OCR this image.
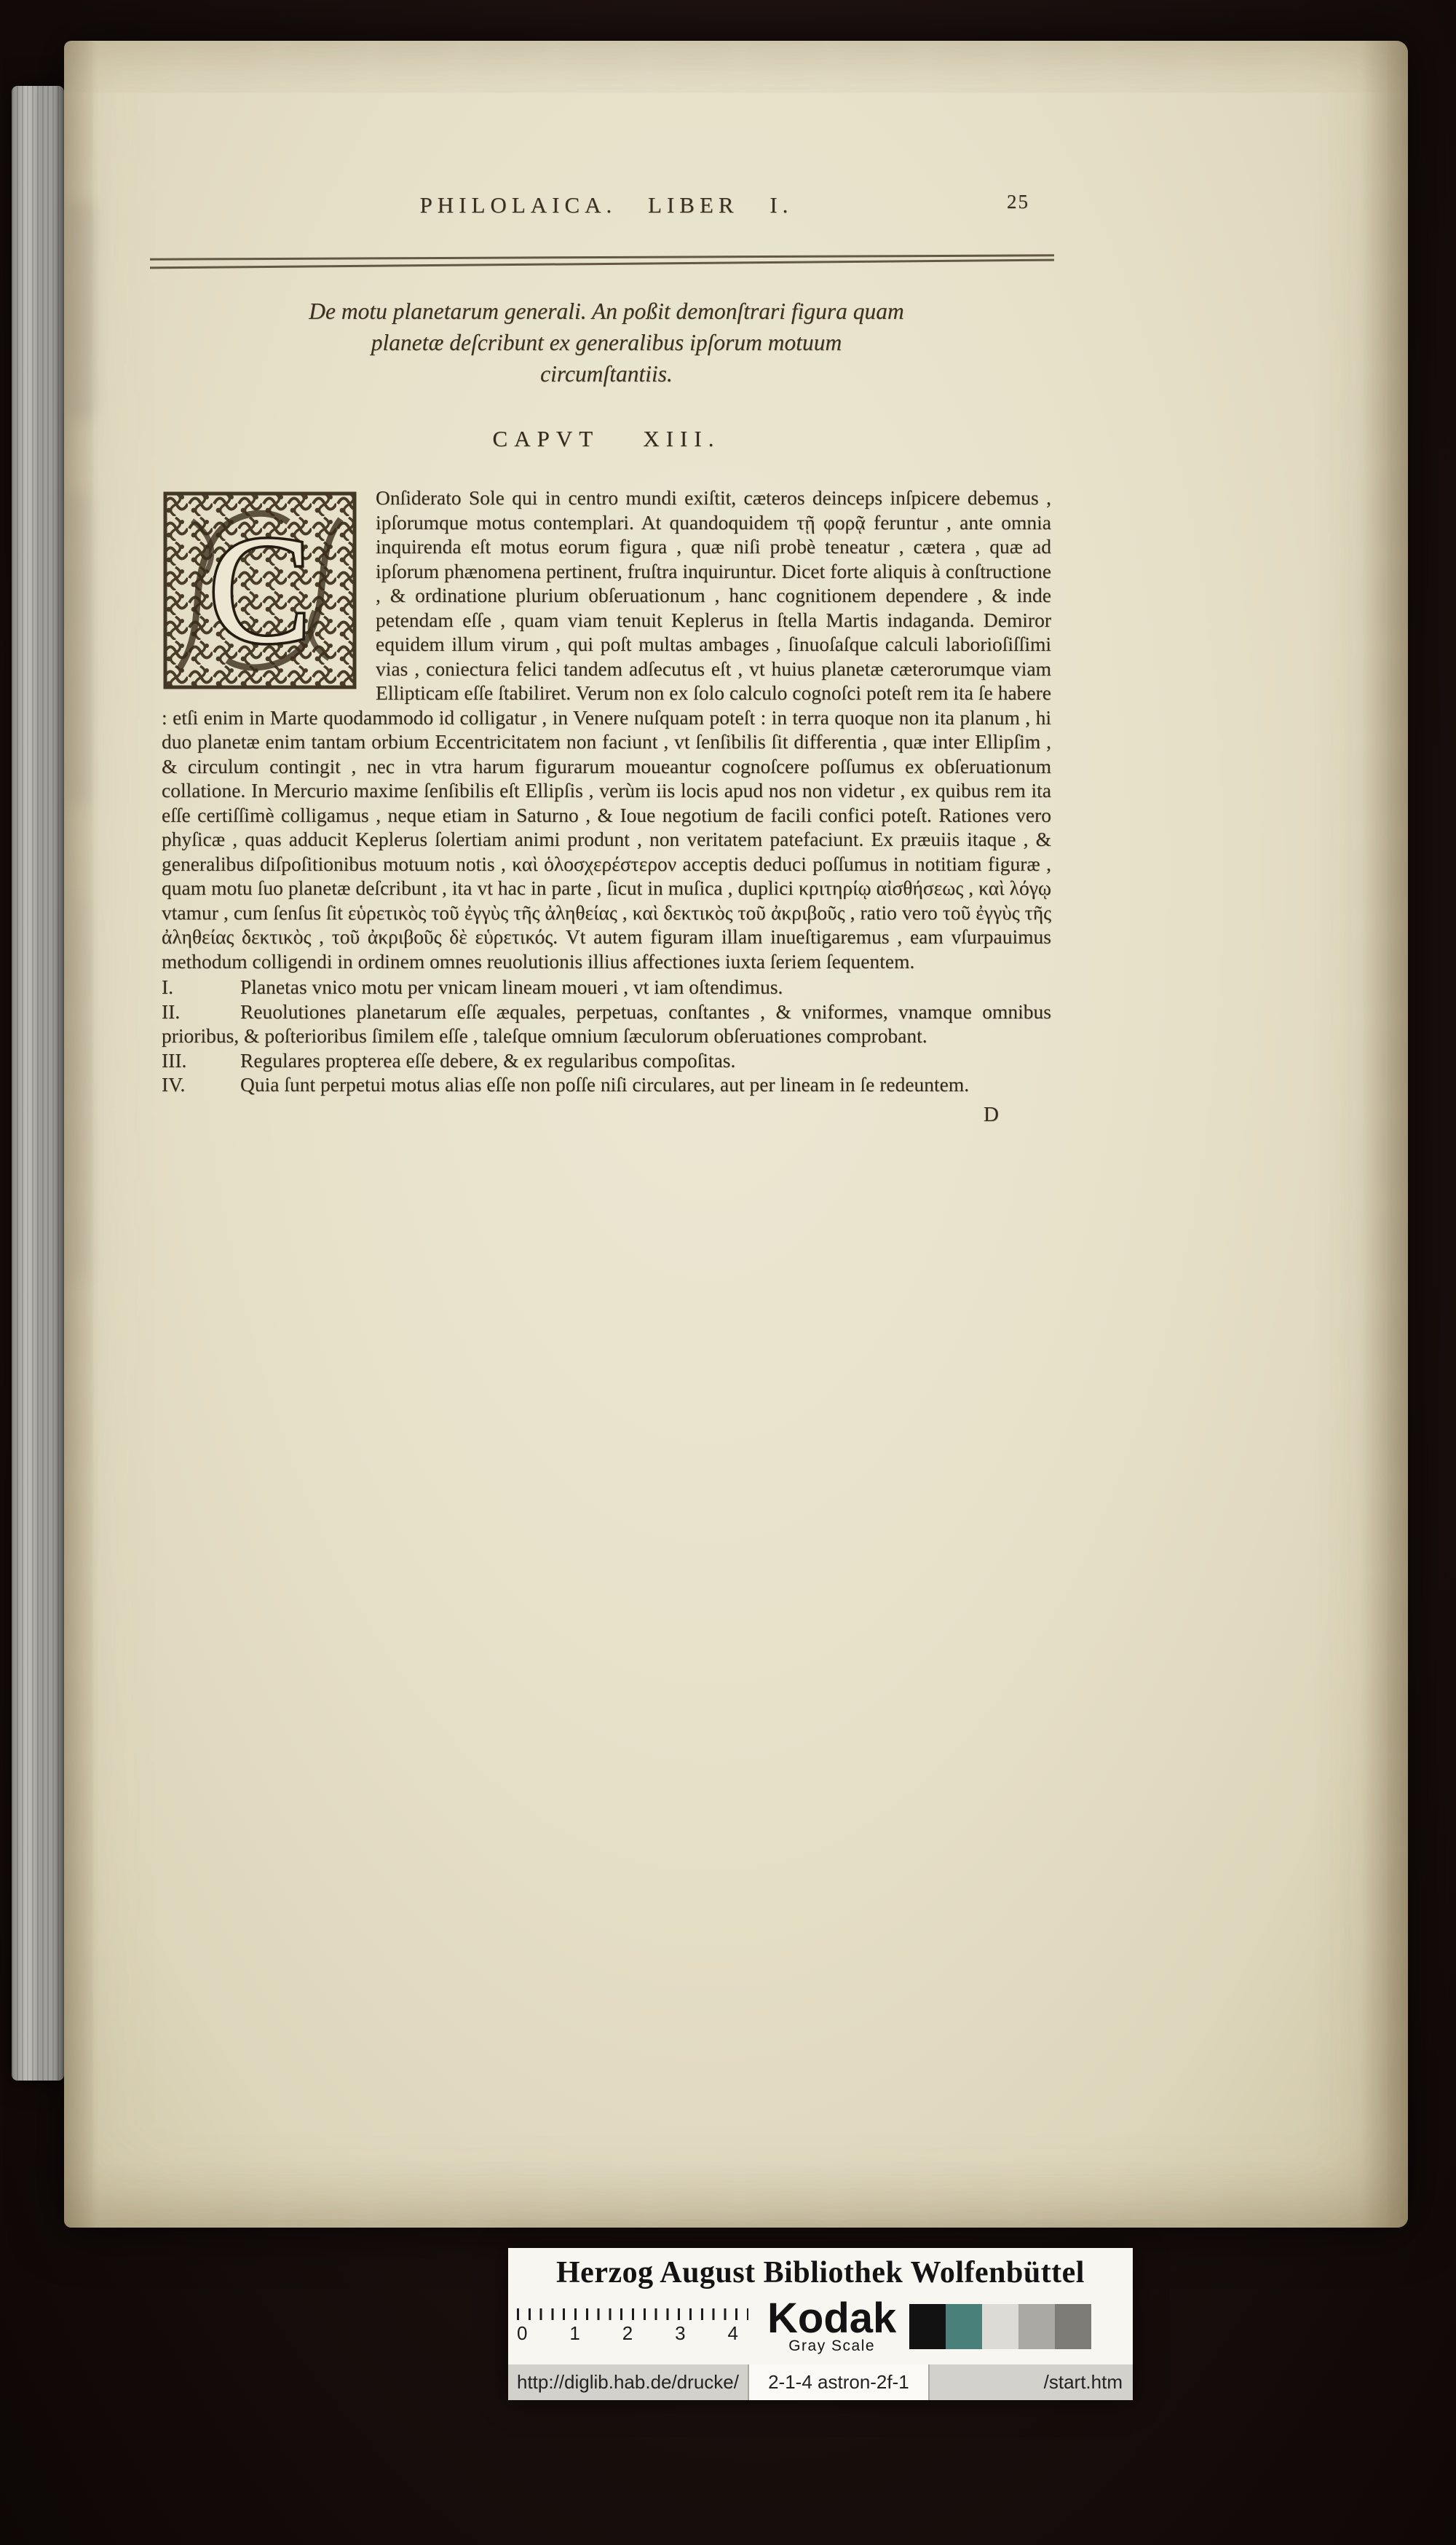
PHILOLAICA. LIBER I.	25
De motu planetarum generali. An poßit demonſtrari figura quam
planetæ deſcribunt ex generalibus ipſorum motuum
circumſtantiis.
CAPVT XIII.
C

Onſiderato Sole qui in centro mundi exiſtit, cæteros deinceps inſpicere debemus , ipſorumque motus contemplari. At quandoquidem τῇ φορᾷ feruntur , ante omnia inquirenda eſt motus eorum figura , quæ niſi probè teneatur , cætera , quæ ad ipſorum phænomena pertinent, fruſtra inquiruntur. Dicet forte aliquis à conſtructione , & ordinatione plurium obſeruationum , hanc cognitionem dependere , & inde petendam eſſe , quam viam tenuit Keplerus in ſtella Martis indaganda. Demiror equidem illum virum , qui poſt multas ambages , ſinuoſaſque calculi laborioſiſſimi vias , coniectura felici tandem adſecutus eſt , vt huius planetæ cæterorumque viam Ellipticam eſſe ſtabiliret. Verum non ex ſolo calculo cognoſci poteſt rem ita ſe habere : etſi enim in Marte quodammodo id colligatur , in Venere nuſquam poteſt : in terra quoque non ita planum , hi duo planetæ enim tantam orbium Eccentricitatem non faciunt , vt ſenſibilis ſit differentia , quæ inter Ellipſim , & circulum contingit , nec in vtra harum figurarum moueantur cognoſcere poſſumus ex obſeruationum collatione. In Mercurio maxime ſenſibilis eſt Ellipſis , verùm iis locis apud nos non videtur , ex quibus rem ita eſſe certiſſimè colligamus , neque etiam in Saturno , & Ioue negotium de facili confici poteſt. Rationes vero phyſicæ , quas adducit Keplerus ſolertiam animi produnt , non veritatem patefaciunt. Ex præuiis itaque , & generalibus diſpoſitionibus motuum notis , καὶ ὁλοσχερέστερον acceptis deduci poſſumus in notitiam figuræ , quam motu ſuo planetæ deſcribunt , ita vt hac in parte , ſicut in muſica , duplici κριτηρίῳ αἰσθήσεως , καὶ λόγῳ vtamur , cum ſenſus ſit εὑρετικὸς τοῦ ἐγγὺς τῆς ἀληθείας , καὶ δεκτικὸς τοῦ ἀκριβοῦς , ratio vero τοῦ ἐγγὺς τῆς ἀληθείας δεκτικὸς , τοῦ ἀκριβοῦς δὲ εὑρετικός. Vt autem figuram illam inueſtigaremus , eam vſurpauimus methodum colligendi in ordinem omnes reuolutionis illius affectiones iuxta ſeriem ſequentem.

I.	Planetas vnico motu per vnicam lineam moueri , vt iam oſtendimus.

II.	Reuolutiones planetarum eſſe æquales, perpetuas, conſtantes , & vniformes, vnamque omnibus prioribus, & poſterioribus ſimilem eſſe , taleſque omnium ſæculorum obſeruationes comprobant.

III.	Regulares propterea eſſe debere, & ex regularibus compoſitas.

IV.	Quia ſunt perpetui motus alias eſſe non poſſe niſi circulares, aut per lineam in ſe redeuntem.

D
Herzog August Bibliothek Wolfenbüttel
0 1 2 3 4 Kodak
Gray Scale
http://diglib.hab.de/drucke/	2-1-4 astron-2f-1	/start.htm
